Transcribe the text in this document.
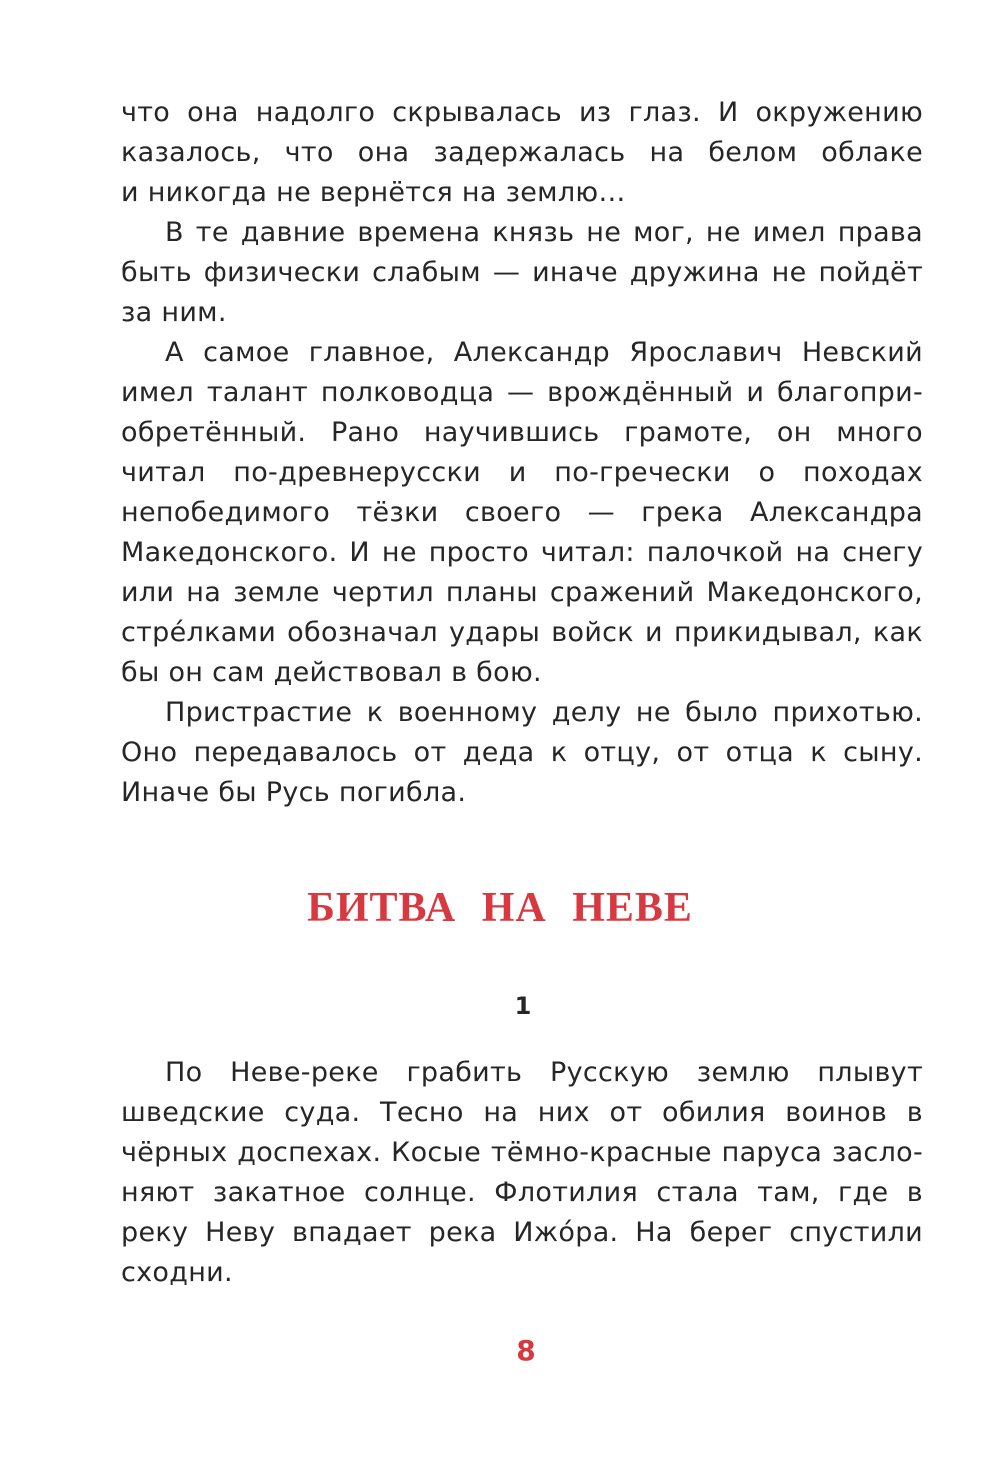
что она надолго скрывалась из глаз. И окружению
казалось, что она задержалась на белом облаке
и никогда не вернётся на землю…
В те давние времена князь не мог, не имел права
быть физически слабым — иначе дружина не пойдёт
за ним.
А самое главное, Александр Ярославич Невский
имел талант полководца — врождённый и благопри-
обретённый. Рано научившись грамоте, он много
читал по-древнерусски и по-гречески о походах
непобедимого тёзки своего — грека Александра
Македонского. И не просто читал: палочкой на снегу
или на земле чертил планы сражений Македонского,
стре́лками обозначал удары войск и прикидывал, как
бы он сам действовал в бою.
Пристрастие к военному делу не было прихотью.
Оно передавалось от деда к отцу, от отца к сыну.
Иначе бы Русь погибла.
БИТВА НА НЕВЕ
1
По Неве-реке грабить Русскую землю плывут
шведские суда. Тесно на них от обилия воинов в
чёрных доспехах. Косые тёмно-красные паруса засло-
няют закатное солнце. Флотилия стала там, где в
реку Неву впадает река Ижо́ра. На берег спустили
сходни.
8
